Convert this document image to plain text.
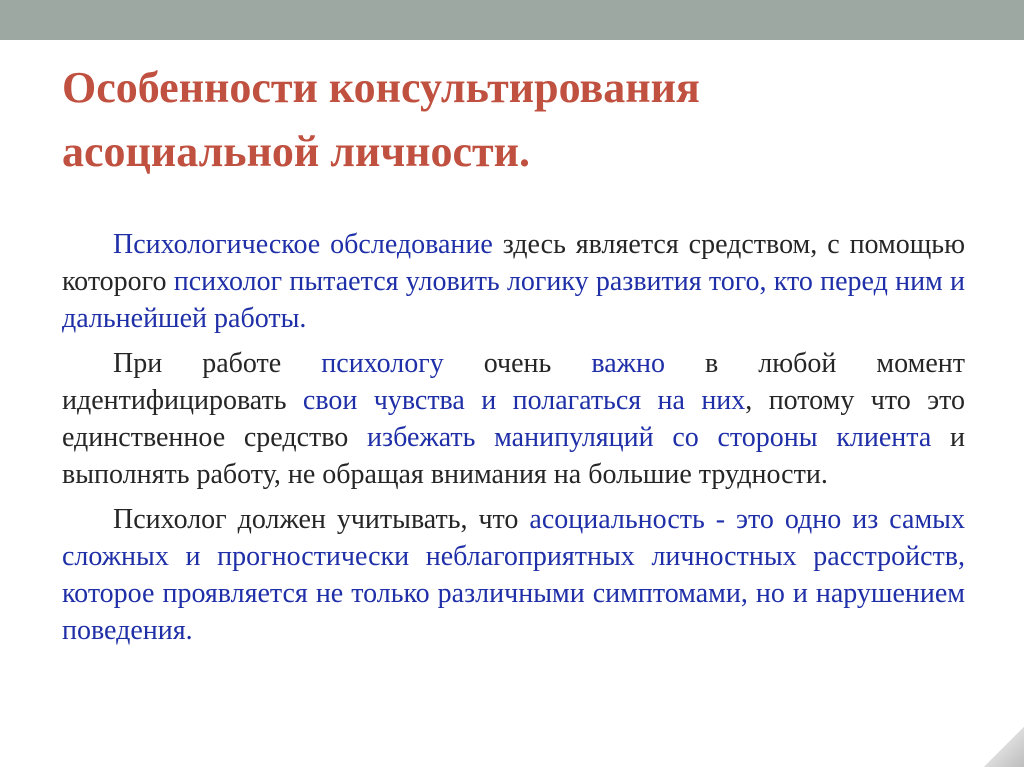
Особенности консультирования
асоциальной личности.

Психологическое обследование здесь является средством, с помощью которого психолог пытается уловить логику развития того, кто перед ним и дальнейшей работы.

При работе психологу очень важно в любой момент идентифицировать свои чувства и полагаться на них, потому что это единственное средство избежать манипуляций со стороны клиента и выполнять работу, не обращая внимания на большие трудности.

Психолог должен учитывать, что асоциальность - это одно из самых сложных и прогностически неблагоприятных личностных расстройств, которое проявляется не только различными симптомами, но и нарушением поведения.
